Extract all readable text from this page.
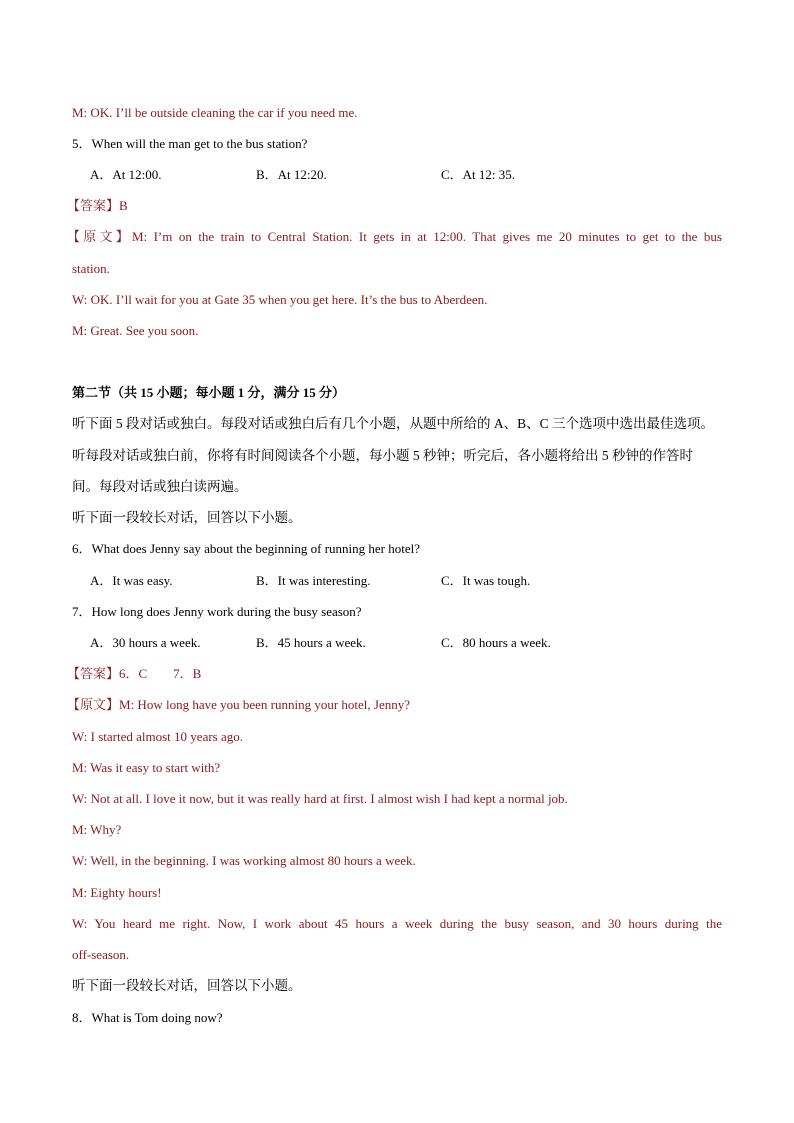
M: OK. I’ll be outside cleaning the car if you need me.
5．When will the man get to the bus station?
A．At 12:00.	B．At 12:20.	C．At 12: 35.
【答案】B
【原文】M: I’m on the train to Central Station. It gets in at 12:00. That gives me 20 minutes to get to the bus
station.
W: OK. I’ll wait for you at Gate 35 when you get here. It’s the bus to Aberdeen.
M: Great. See you soon.
第二节（共 15 小题；每小题 1 分，满分 15 分）
听下面 5 段对话或独白。每段对话或独白后有几个小题，从题中所给的 A、B、C 三个选项中选出最佳选项。
听每段对话或独白前，你将有时间阅读各个小题，每小题 5 秒钟；听完后，各小题将给出 5 秒钟的作答时
间。每段对话或独白读两遍。
听下面一段较长对话，回答以下小题。
6．What does Jenny say about the beginning of running her hotel?
A．It was easy.	B．It was interesting.	C．It was tough.
7．How long does Jenny work during the busy season?
A．30 hours a week.	B．45 hours a week.	C．80 hours a week.
【答案】6．C　　7．B
【原文】M: How long have you been running your hotel, Jenny?
W: I started almost 10 years ago.
M: Was it easy to start with?
W: Not at all. I love it now, but it was really hard at first. I almost wish I had kept a normal job.
M: Why?
W: Well, in the beginning. I was working almost 80 hours a week.
M: Eighty hours!
W: You heard me right. Now, I work about 45 hours a week during the busy season, and 30 hours during the
off-season.
听下面一段较长对话，回答以下小题。
8．What is Tom doing now?
